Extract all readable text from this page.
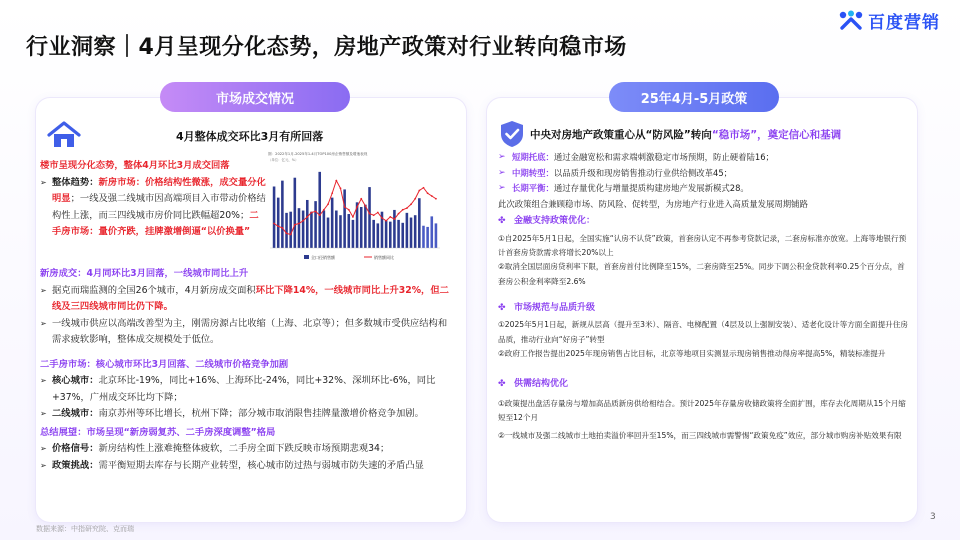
行业洞察｜4月呈现分化态势，房地产政策对行业转向稳市场
百度营销
市场成交情况
4月整体成交环比3月有所回落
图：2022年1月-2025年1-4月TOP100房企销售额及增速表现
（单位：亿元、%）
全口径销售额	销售额同比
楼市呈现分化态势，整体4月环比3月成交回落
➢ 整体趋势：新房市场：价格结构性微涨，成交量分化明显；一线及强二线城市因高端项目入市带动价格结构性上涨，而三四线城市房价同比跌幅超20%；二手房市场：量价齐跌，挂牌激增倒逼“以价换量”
新房成交：4月同环比3月回落，一线城市同比上升
➢ 据克而瑞监测的全国26个城市，4月新房成交面积环比下降14%，一线城市同比上升32%，但二线及三四线城市同比仍下降。
➢ 一线城市供应以高端改善型为主，刚需房源占比收缩（上海、北京等）；但多数城市受供应结构和需求疲软影响，整体成交规模处于低位。
二手房市场：核心城市环比3月回落、二线城市价格竞争加剧
➢ 核心城市：北京环比-19%，同比+16%、上海环比-24%，同比+32%、深圳环比-6%，同比+37%，广州成交环比均下降；
➢ 二线城市：南京苏州等环比增长，杭州下降；部分城市取消限售挂牌量激增价格竞争加剧。
总结展望：市场呈现“新房弱复苏、二手房深度调整”格局
➢ 价格信号：新房结构性上涨难掩整体疲软，二手房全面下跌反映市场预期悲观34；
➢ 政策挑战：需平衡短期去库存与长期产业转型，核心城市防过热与弱城市防失速的矛盾凸显
数据来源：中指研究院、克而瑞
25年4月-5月政策
中央对房地产政策重心从“防风险”转向“稳市场”，奠定信心和基调
➢ 短期托底：通过金融宽松和需求端刺激稳定市场预期，防止硬着陆16；
➢ 中期转型：以品质升级和现房销售推动行业供给侧改革45；
➢ 长期平衡：通过存量优化与增量提质构建房地产发展新模式28。
此次政策组合兼顾稳市场、防风险、促转型，为房地产行业进入高质量发展周期铺路
✤ 金融支持政策优化：
①自2025年5月1日起，全国实施“认房不认贷”政策，首套房认定不再参考贷款记录，二套房标准亦放宽。上海等地银行预计首套房贷款需求将增长20%以上
②取消全国层面房贷利率下限，首套房首付比例降至15%，二套房降至25%。同步下调公积金贷款利率0.25个百分点，首套房公积金利率降至2.6%
✤ 市场规范与品质升级
①2025年5月1日起，新规从层高（提升至3米）、隔音、电梯配置（4层及以上强制安装）、适老化设计等方面全面提升住房品质，推动行业向“好房子”转型
②政府工作报告提出2025年现房销售占比目标，北京等地项目实测显示现房销售推动得房率提高5%，精装标准提升
✤ 供需结构优化
①政策提出盘活存量房与增加高品质新房供给相结合。预计2025年存量房收储政策将全面扩围，库存去化周期从15个月缩短至12个月
②一线城市及强二线城市土地拍卖溢价率回升至15%，而三四线城市需警惕“政策免疫”效应，部分城市购房补贴效果有限
3
